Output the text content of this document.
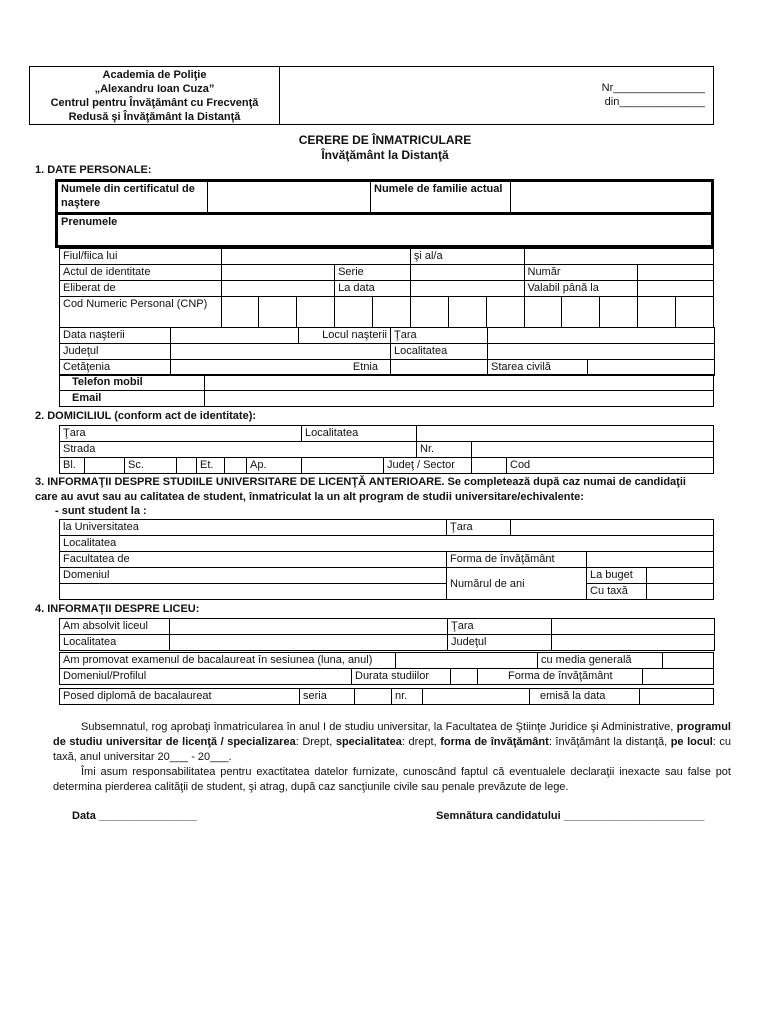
Academia de Poliţie
„Alexandru Ioan Cuza”
Centrul pentru Învăţământ cu Frecvenţă
Redusă şi Învăţământ la Distanţă

Nr_______________
din______________
CERERE DE ÎNMATRICULARE
Învăţământ la Distanţă
1. DATE PERSONALE:
Numele din certificatul de naştere		Numele de familie actual	
Prenumele
Fiul/fiica lui						şi al/a							
Actul de identitate				Serie					Număr				
Eliberat de				La data					Valabil până la				
Cod Numeric Personal (CNP)													
Data naşterii		Locul naşterii	Ţara		
Judeţul			Localitatea		
Cetăţenia	Etnia			Starea civilă	
Telefon mobil	
Email	
2. DOMICILIUL (conform act de identitate):
Ţara							Localitatea				
Strada									Nr.		
Bl.		Sc.		Et.		Ap.		Judeţ / Sector			Cod
3. INFORMAŢII DESPRE STUDIILE UNIVERSITARE DE LICENŢĂ ANTERIOARE. Se completează după caz numai de candidaţii
care au avut sau au calitatea de student, înmatriculat la un alt program de studii universitare/echivalente:
- sunt student la :
la Universitatea	Ţara			
Localitatea				
Facultatea de	Forma de învăţământ			
Domeniul	Numărul de ani		La buget	
			Cu taxă	
4. INFORMAŢII DESPRE LICEU:
Am absolvit liceul		Ţara	
Localitatea		Judeţul	
Am promovat examenul de bacalaureat în sesiunea (luna, anul)		cu media generală	
Domeniul/Profilul	Durata studiilor		Forma de învăţământ	
Posed diplomă de bacalaureat	seria		nr.		emisă la data	

Subsemnatul, rog aprobaţi înmatricularea în anul I de studiu universitar, la Facultatea de Ştiinţe Juridice şi Administrative, programul de studiu universitar de licenţă / specializarea: Drept, specialitatea: drept, forma de învăţământ: învăţământ la distanţă, pe locul: cu taxă, anul universitar 20___ - 20___.

Îmi asum responsabilitatea pentru exactitatea datelor furnizate, cunoscând faptul că eventualele declaraţii inexacte sau false pot determina pierderea calităţii de student, şi atrag, după caz sancţiunile civile sau penale prevăzute de lege.

Data ________________	Semnătura candidatului _______________________
